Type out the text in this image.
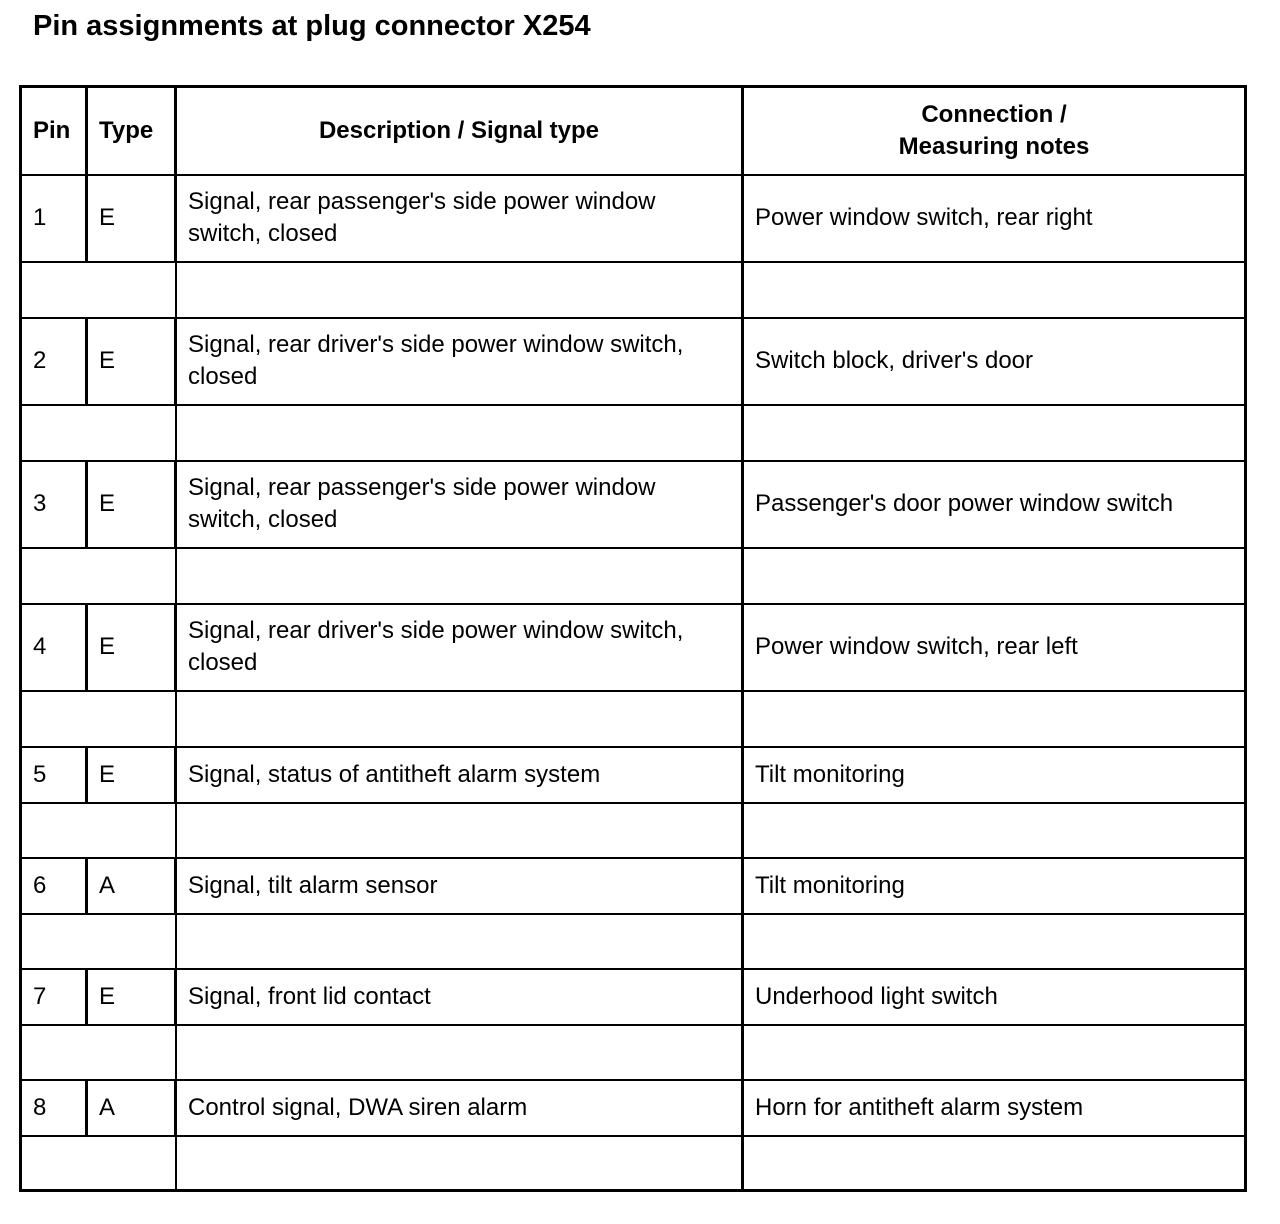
Pin assignments at plug connector X254
Pin	Type	Description / Signal type	Connection /
Measuring notes

1	E	Signal, rear passenger's side power window switch, closed	Power window switch, rear right

2	E	Signal, rear driver's side power window switch, closed	Switch block, driver's door

3	E	Signal, rear passenger's side power window switch, closed	Passenger's door power window switch

4	E	Signal, rear driver's side power window switch, closed	Power window switch, rear left

5	E	Signal, status of antitheft alarm system	Tilt monitoring

6	A	Signal, tilt alarm sensor	Tilt monitoring

7	E	Signal, front lid contact	Underhood light switch

8	A	Control signal, DWA siren alarm	Horn for antitheft alarm system
